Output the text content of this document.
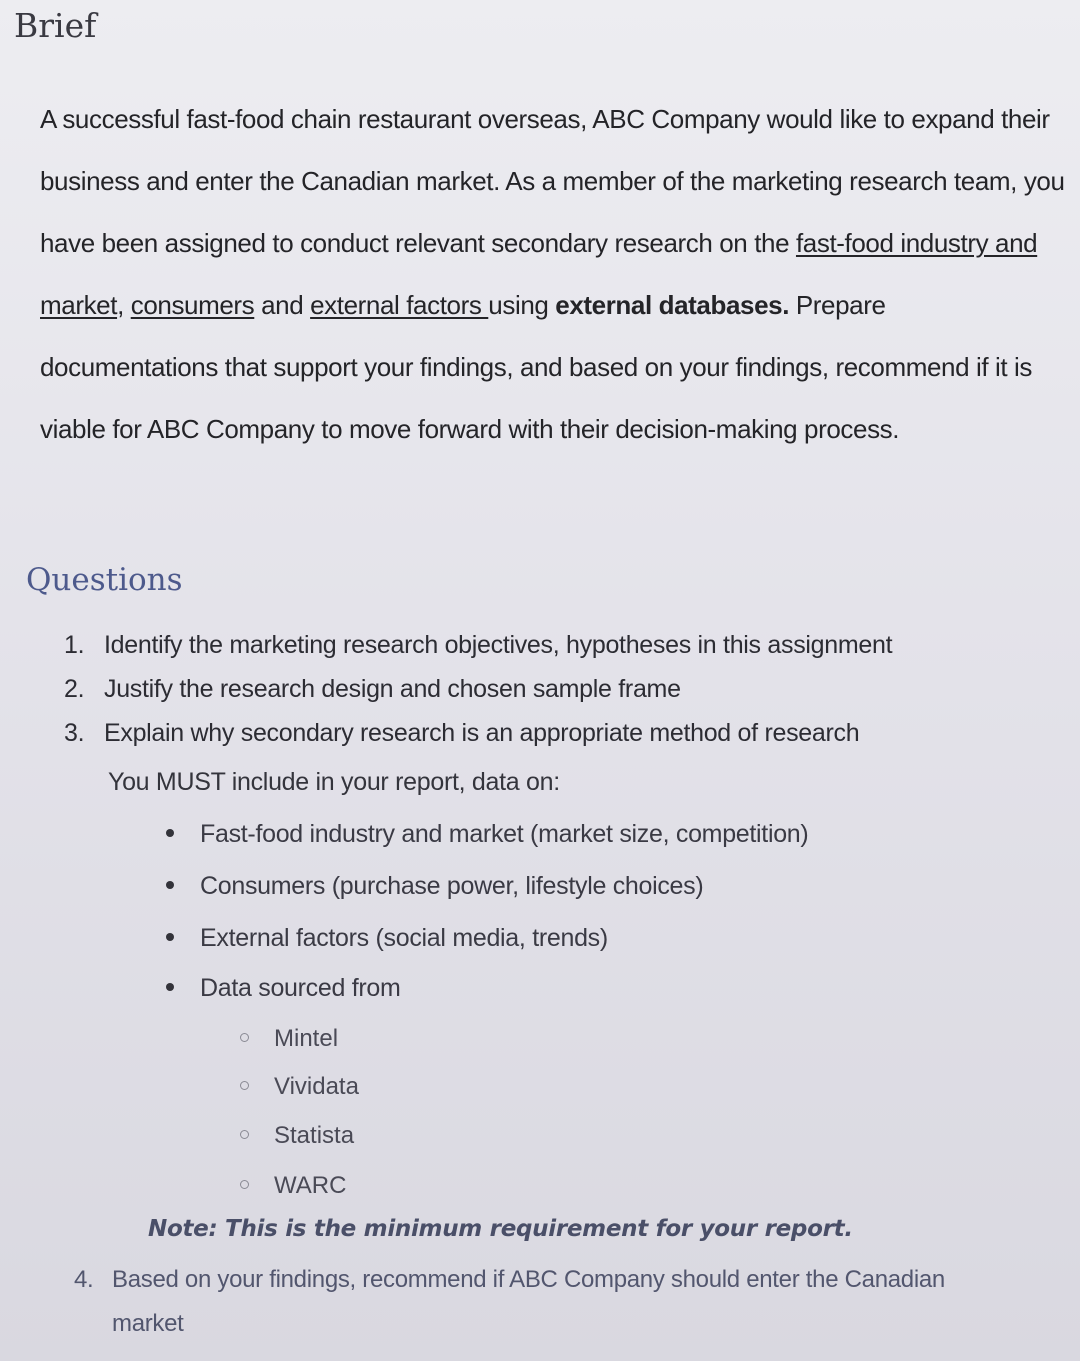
Brief
A successful fast-food chain restaurant overseas, ABC Company would like to expand their business and enter the Canadian market. As a member of the marketing research team, you have been assigned to conduct relevant secondary research on the fast-food industry and market, consumers and external factors using external databases. Prepare documentations that support your findings, and based on your findings, recommend if it is viable for ABC Company to move forward with their decision-making process.
Questions
1. Identify the marketing research objectives, hypotheses in this assignment
2. Justify the research design and chosen sample frame
3. Explain why secondary research is an appropriate method of research
You MUST include in your report, data on:
Fast-food industry and market (market size, competition)
Consumers (purchase power, lifestyle choices)
External factors (social media, trends)
Data sourced from
Mintel
Vividata
Statista
WARC
Note: This is the minimum requirement for your report.
4. Based on your findings, recommend if ABC Company should enter the Canadian
market
